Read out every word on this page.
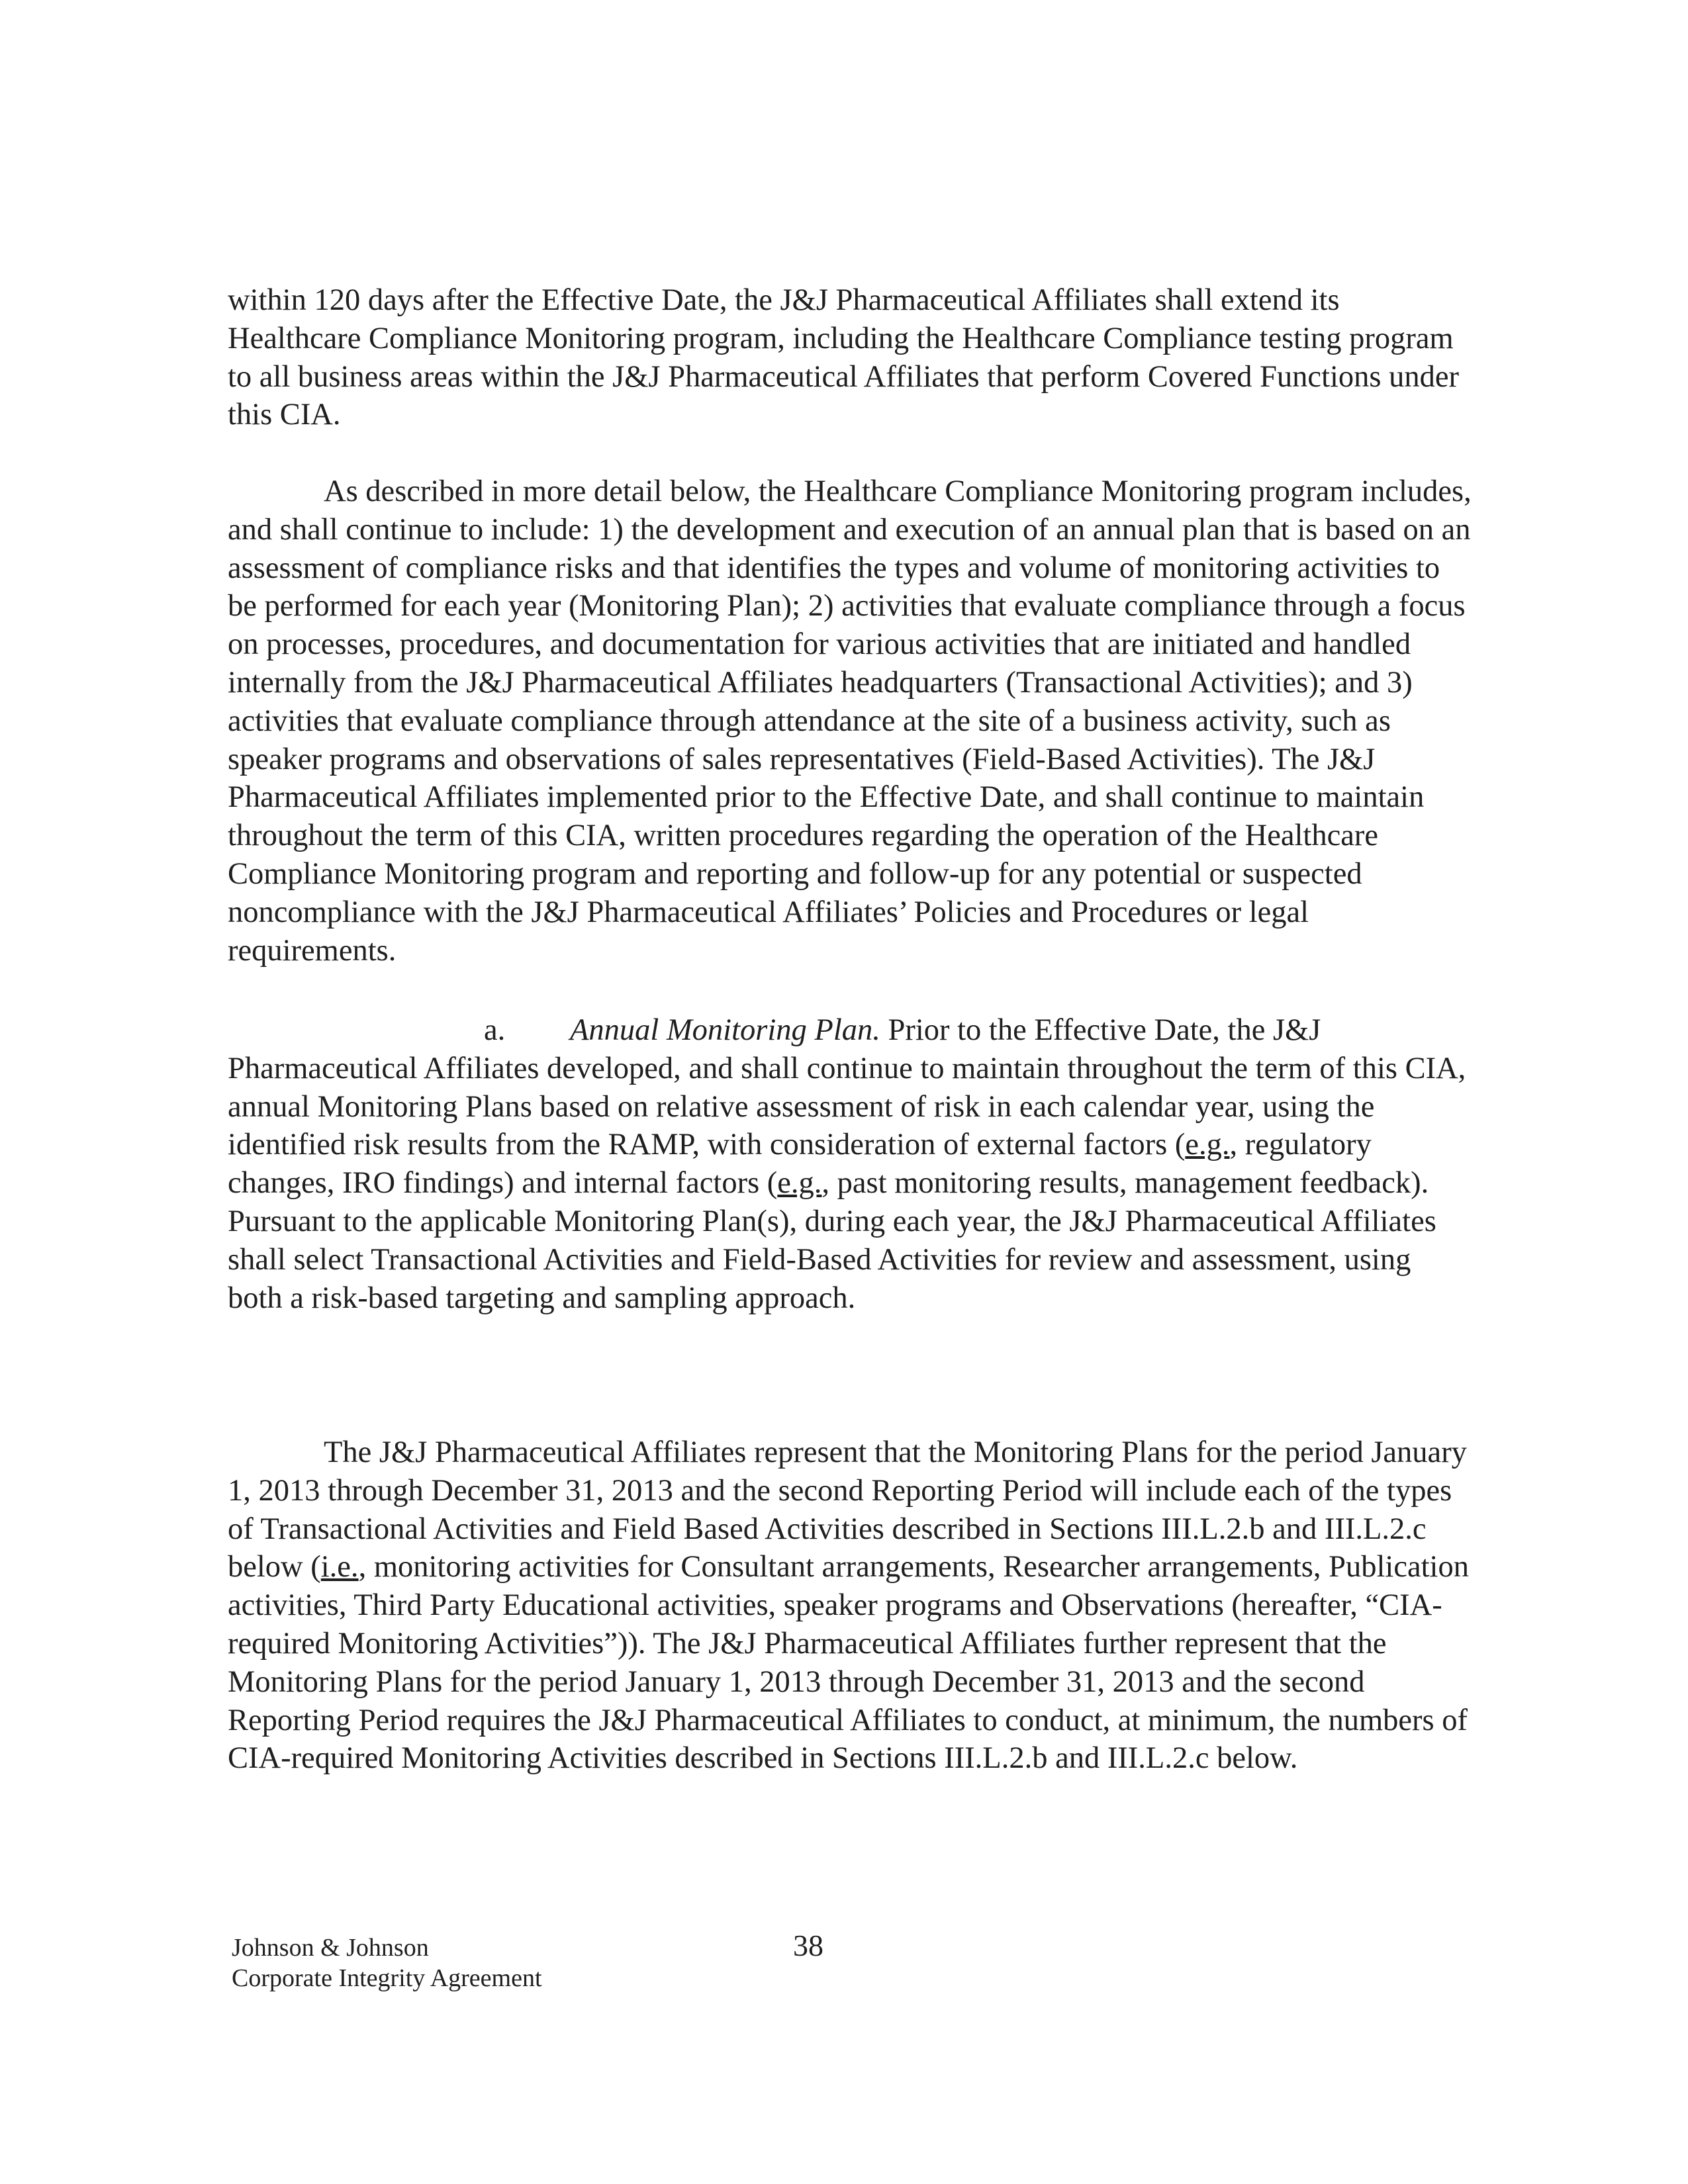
within 120 days after the Effective Date, the J&J Pharmaceutical Affiliates shall extend its Healthcare Compliance Monitoring program, including the Healthcare Compliance testing program to all business areas within the J&J Pharmaceutical Affiliates that perform Covered Functions under this CIA.

As described in more detail below, the Healthcare Compliance Monitoring program includes, and shall continue to include: 1) the development and execution of an annual plan that is based on an assessment of compliance risks and that identifies the types and volume of monitoring activities to be performed for each year (Monitoring Plan); 2) activities that evaluate compliance through a focus on processes, procedures, and documentation for various activities that are initiated and handled internally from the J&J Pharmaceutical Affiliates headquarters (Transactional Activities); and 3) activities that evaluate compliance through attendance at the site of a business activity, such as speaker programs and observations of sales representatives (Field-Based Activities). The J&J Pharmaceutical Affiliates implemented prior to the Effective Date, and shall continue to maintain throughout the term of this CIA, written procedures regarding the operation of the Healthcare Compliance Monitoring program and reporting and follow-up for any potential or suspected noncompliance with the J&J Pharmaceutical Affiliates’ Policies and Procedures or legal requirements.

a. Annual Monitoring Plan. Prior to the Effective Date, the J&J Pharmaceutical Affiliates developed, and shall continue to maintain throughout the term of this CIA, annual Monitoring Plans based on relative assessment of risk in each calendar year, using the identified risk results from the RAMP, with consideration of external factors (e.g., regulatory changes, IRO findings) and internal factors (e.g., past monitoring results, management feedback). Pursuant to the applicable Monitoring Plan(s), during each year, the J&J Pharmaceutical Affiliates shall select Transactional Activities and Field-Based Activities for review and assessment, using both a risk-based targeting and sampling approach.

The J&J Pharmaceutical Affiliates represent that the Monitoring Plans for the period January 1, 2013 through December 31, 2013 and the second Reporting Period will include each of the types of Transactional Activities and Field Based Activities described in Sections III.L.2.b and III.L.2.c below (i.e., monitoring activities for Consultant arrangements, Researcher arrangements, Publication activities, Third Party Educational activities, speaker programs and Observations (hereafter, “CIA-required Monitoring Activities”)). The J&J Pharmaceutical Affiliates further represent that the Monitoring Plans for the period January 1, 2013 through December 31, 2013 and the second Reporting Period requires the J&J Pharmaceutical Affiliates to conduct, at minimum, the numbers of CIA-required Monitoring Activities described in Sections III.L.2.b and III.L.2.c below.

Johnson & Johnson
Corporate Integrity Agreement
38
